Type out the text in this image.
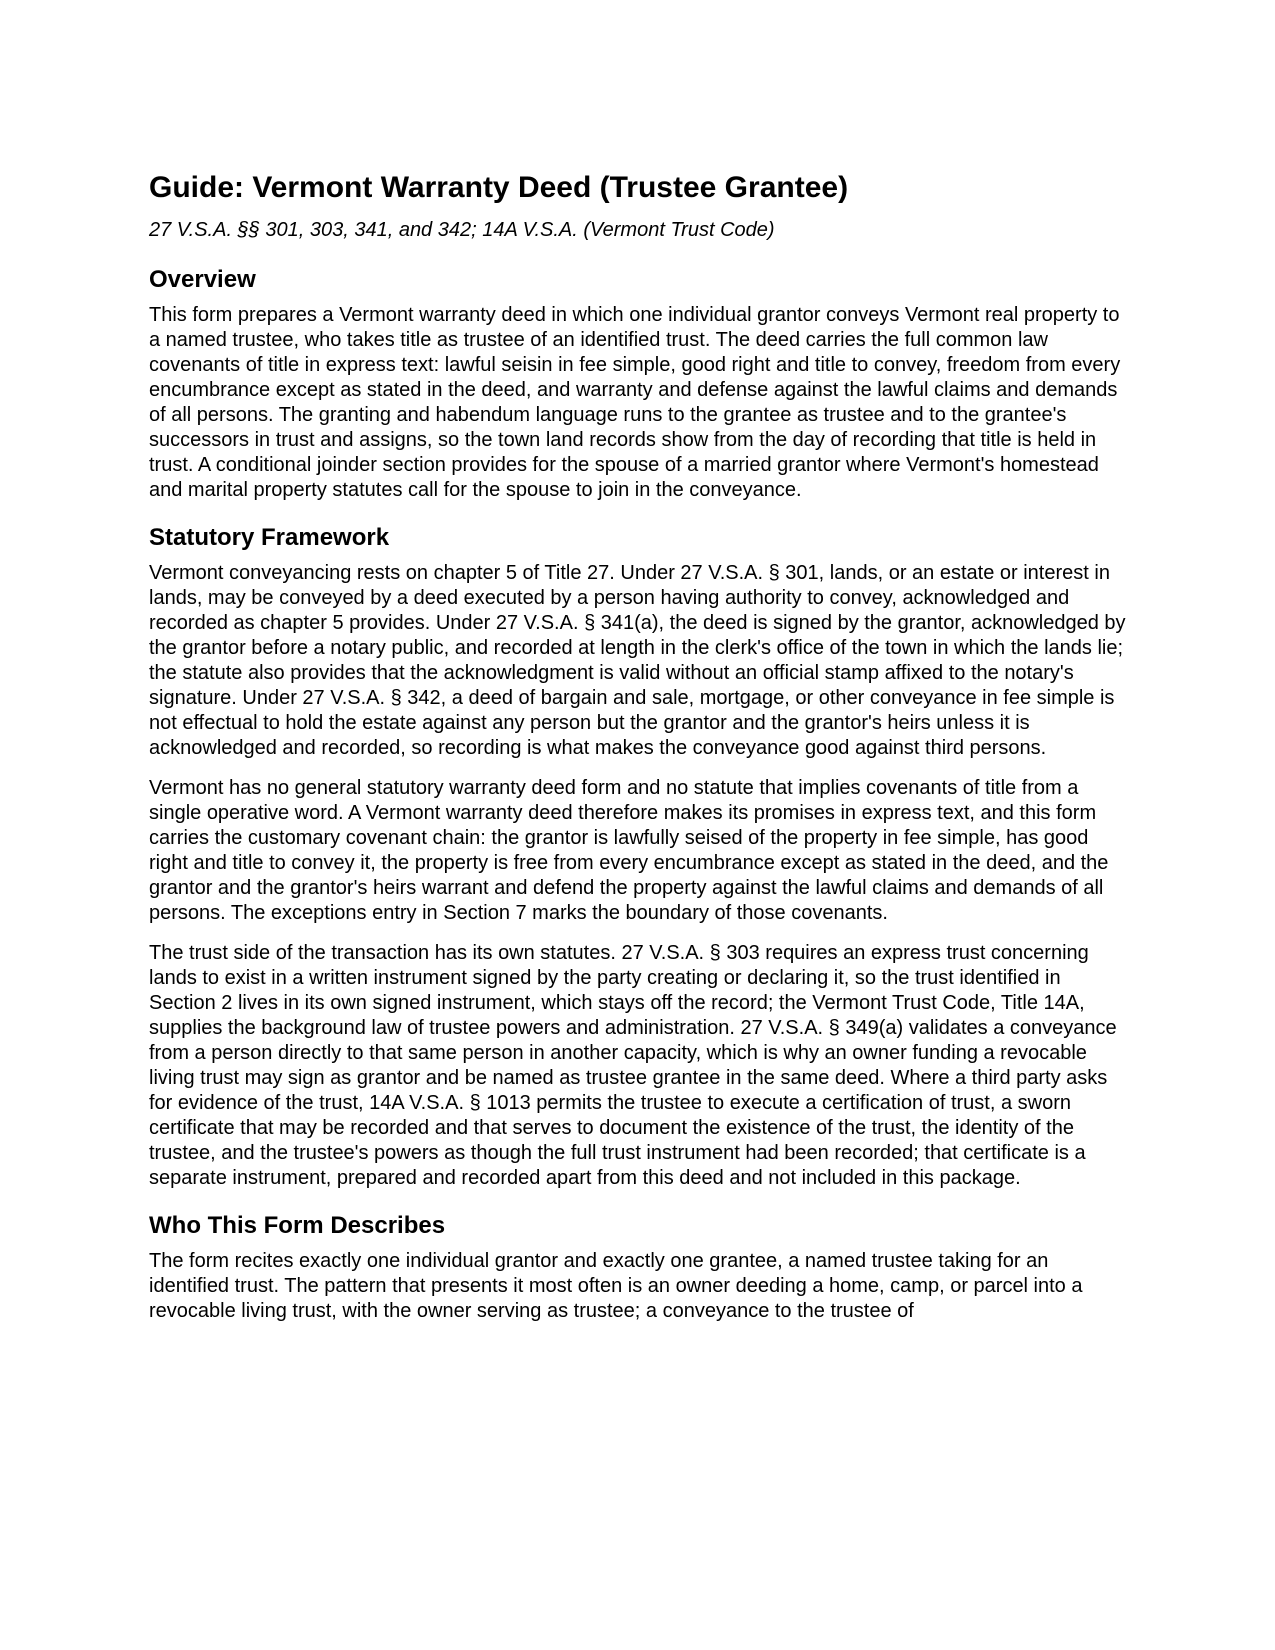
Guide: Vermont Warranty Deed (Trustee Grantee)
27 V.S.A. §§ 301, 303, 341, and 342; 14A V.S.A. (Vermont Trust Code)
Overview

This form prepares a Vermont warranty deed in which one individual grantor conveys Vermont real property to a named trustee, who takes title as trustee of an identified trust. The deed carries the full common law covenants of title in express text: lawful seisin in fee simple, good right and title to convey, freedom from every encumbrance except as stated in the deed, and warranty and defense against the lawful claims and demands of all persons. The granting and habendum language runs to the grantee as trustee and to the grantee's successors in trust and assigns, so the town land records show from the day of recording that title is held in trust. A conditional joinder section provides for the spouse of a married grantor where Vermont's homestead and marital property statutes call for the spouse to join in the conveyance.

Statutory Framework

Vermont conveyancing rests on chapter 5 of Title 27. Under 27 V.S.A. § 301, lands, or an estate or interest in lands, may be conveyed by a deed executed by a person having authority to convey, acknowledged and recorded as chapter 5 provides. Under 27 V.S.A. § 341(a), the deed is signed by the grantor, acknowledged by the grantor before a notary public, and recorded at length in the clerk's office of the town in which the lands lie; the statute also provides that the acknowledgment is valid without an official stamp affixed to the notary's signature. Under 27 V.S.A. § 342, a deed of bargain and sale, mortgage, or other conveyance in fee simple is not effectual to hold the estate against any person but the grantor and the grantor's heirs unless it is acknowledged and recorded, so recording is what makes the conveyance good against third persons.

Vermont has no general statutory warranty deed form and no statute that implies covenants of title from a single operative word. A Vermont warranty deed therefore makes its promises in express text, and this form carries the customary covenant chain: the grantor is lawfully seised of the property in fee simple, has good right and title to convey it, the property is free from every encumbrance except as stated in the deed, and the grantor and the grantor's heirs warrant and defend the property against the lawful claims and demands of all persons. The exceptions entry in Section 7 marks the boundary of those covenants.

The trust side of the transaction has its own statutes. 27 V.S.A. § 303 requires an express trust concerning lands to exist in a written instrument signed by the party creating or declaring it, so the trust identified in Section 2 lives in its own signed instrument, which stays off the record; the Vermont Trust Code, Title 14A, supplies the background law of trustee powers and administration. 27 V.S.A. § 349(a) validates a conveyance from a person directly to that same person in another capacity, which is why an owner funding a revocable living trust may sign as grantor and be named as trustee grantee in the same deed. Where a third party asks for evidence of the trust, 14A V.S.A. § 1013 permits the trustee to execute a certification of trust, a sworn certificate that may be recorded and that serves to document the existence of the trust, the identity of the trustee, and the trustee's powers as though the full trust instrument had been recorded; that certificate is a separate instrument, prepared and recorded apart from this deed and not included in this package.

Who This Form Describes

The form recites exactly one individual grantor and exactly one grantee, a named trustee taking for an identified trust. The pattern that presents it most often is an owner deeding a home, camp, or parcel into a revocable living trust, with the owner serving as trustee; a conveyance to the trustee of
